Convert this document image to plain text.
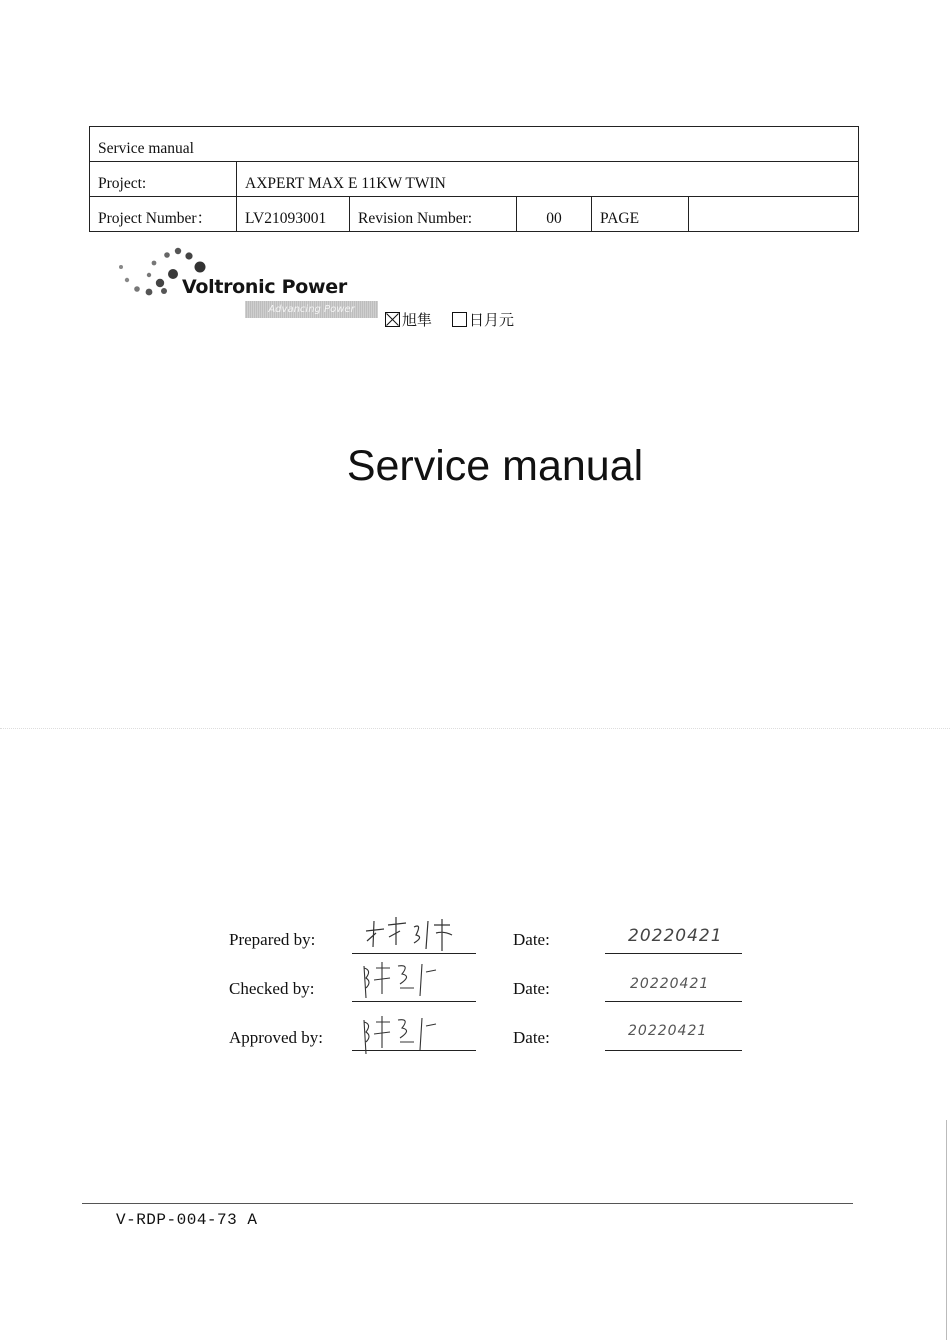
Service manual					
Project:	AXPERT MAX E 11KW TWIN				
Project Number：	LV21093001	Revision Number:	00	PAGE	
Voltronic Power
Advancing Power
旭隼 日月元
Service manual
Prepared by:	Date:	20220421
Checked by:	Date:	20220421
Approved by:	Date:	20220421
V-RDP-004-73 A
